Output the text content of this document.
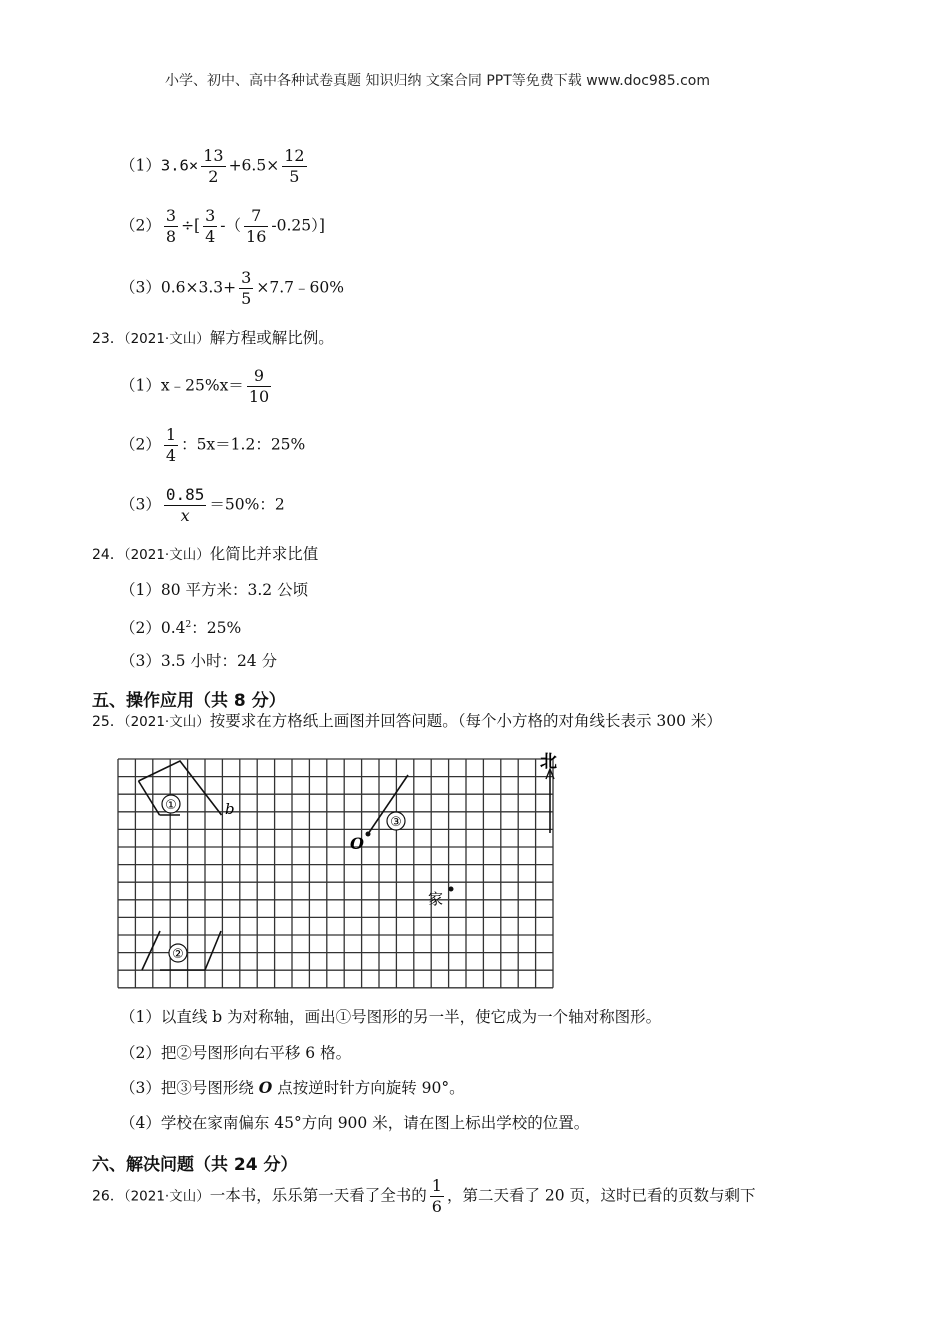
小学、初中、高中各种试卷真题 知识归纳 文案合同 PPT等免费下载 www.doc985.com
$(1)3.6\times \frac{13}{2} +6.5\times \frac{12}{5}$
$(2) \frac{3}{8}$ ÷[ $\frac{3}{4}$ -（ $\frac{7}{16} -0.25$）]
$(3)0.6\times 3.3+ \frac{3}{5}$ ×7.7﹣60%
23．（2021·文山）解方程或解比例。
（1）x﹣25%x＝ $\frac{9}{10}$
$(2) \frac{1}{4}$ ：5x＝1.2：25%
$(3) \frac{0.85}{x} =50\%$：2
24．（2021·文山）化简比并求比值
（1）80 平方米：3.2 公顷
$(2)0.4^2$：25%
（3）3.5 小时：24 分
五、操作应用（共 8 分）
25．（2021·文山）按要求在方格纸上画图并回答问题。（每个小方格的对角线长表示 300 米）
①	b
②
③
O
家
北
（1）以直线 b 为对称轴，画出①号图形的另一半，使它成为一个轴对称图形。
（2）把②号图形向右平移 6 格。
（3）把③号图形绕 O 点按逆时针方向旋转 90°。
（4）学校在家南偏东 45°方向 900 米，请在图上标出学校的位置。
六、解决问题（共 24 分）
26．（2021·文山）一本书，乐乐第一天看了全书的 $\frac{1}{6}$ ，第二天看了 20 页，这时已看的页数与剩下
